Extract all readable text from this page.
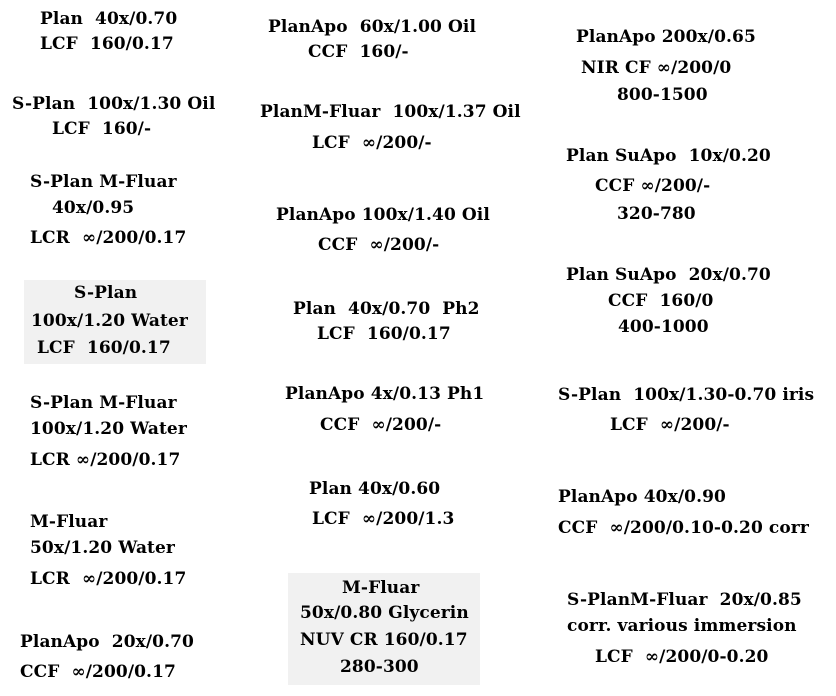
Plan  40x/0.70
LCF  160/0.17
S-Plan  100x/1.30 Oil
LCF  160/-
S-Plan M-Fluar
40x/0.95
LCR  ∞/200/0.17
S-Plan
100x/1.20 Water
LCF  160/0.17
S-Plan M-Fluar
100x/1.20 Water
LCR ∞/200/0.17
M-Fluar
50x/1.20 Water
LCR  ∞/200/0.17
PlanApo  20x/0.70
CCF  ∞/200/0.17
PlanApo  60x/1.00 Oil
CCF  160/-
PlanM-Fluar  100x/1.37 Oil
LCF  ∞/200/-
PlanApo 100x/1.40 Oil
CCF  ∞/200/-
Plan  40x/0.70  Ph2
LCF  160/0.17
PlanApo 4x/0.13 Ph1
CCF  ∞/200/-
Plan 40x/0.60
LCF  ∞/200/1.3
M-Fluar
50x/0.80 Glycerin
NUV CR 160/0.17
280-300
PlanApo 200x/0.65
NIR CF ∞/200/0
800-1500
Plan SuApo  10x/0.20
CCF ∞/200/-
320-780
Plan SuApo  20x/0.70
CCF  160/0
400-1000
S-Plan  100x/1.30-0.70 iris
LCF  ∞/200/-
PlanApo 40x/0.90
CCF  ∞/200/0.10-0.20 corr
S-PlanM-Fluar  20x/0.85
corr. various immersion
LCF  ∞/200/0-0.20
